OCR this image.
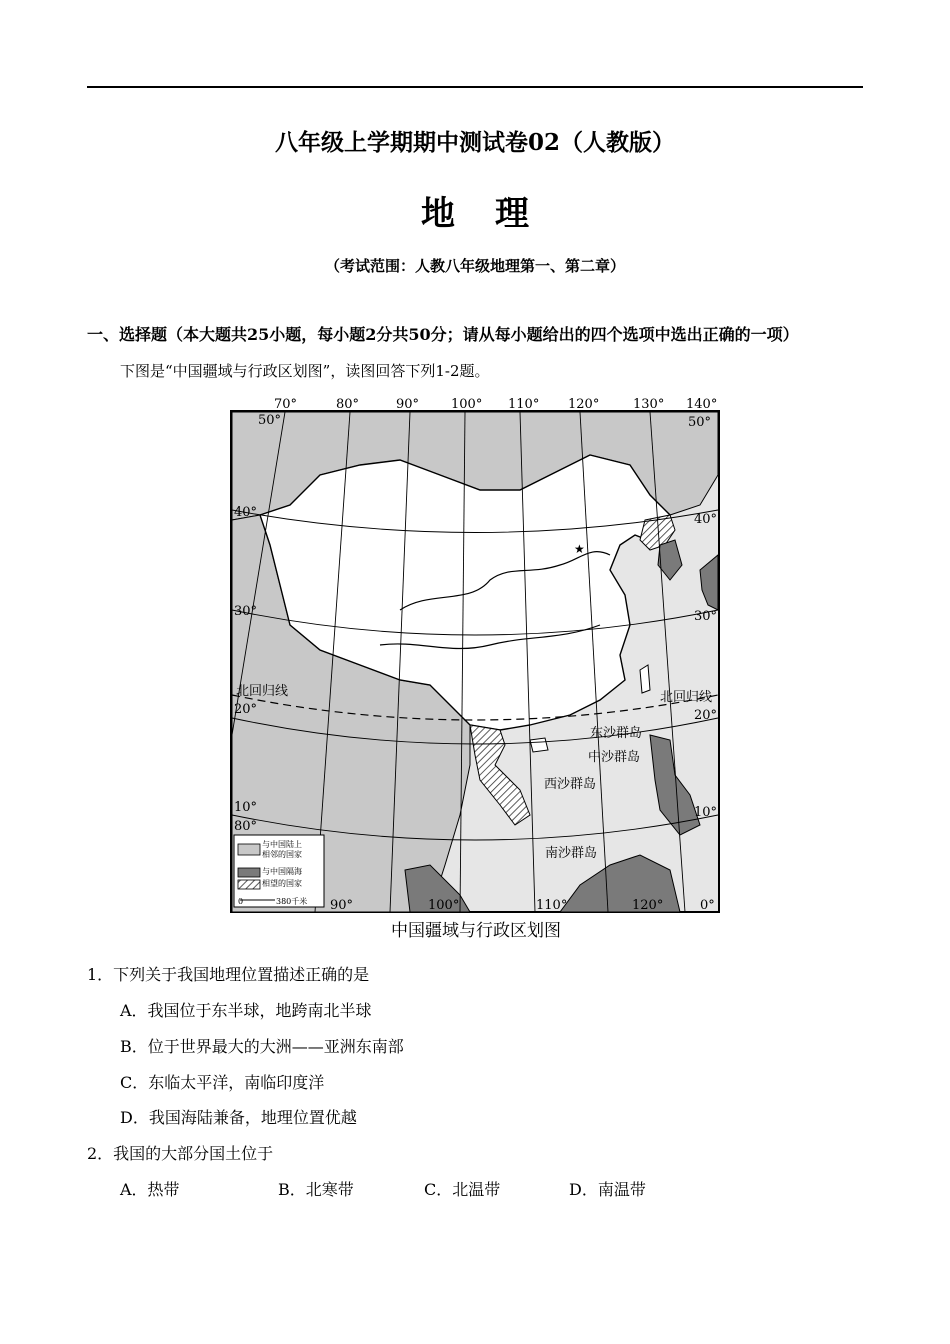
八年级上学期期中测试卷02（人教版）
地理
（考试范围：人教八年级地理第一、第二章）
一、选择题（本大题共25小题，每小题2分共50分；请从每小题给出的四个选项中选出正确的一项）
下图是“中国疆域与行政区划图”，读图回答下列1-2题。
★
70°	80°	90° 100° 110° 120°	130° 140°
50°
40°
30°
20°
10°
50°
40°
30°
20°
10°
80°
90°	100°	110°	120°	0°
北回归线	北回归线
东沙群岛
中沙群岛
西沙群岛
南沙群岛
与中国陆上
相邻的国家
与中国隔海
相望的国家
0	380千米
中国疆域与行政区划图
1．下列关于我国地理位置描述正确的是
A．我国位于东半球，地跨南北半球
B．位于世界最大的大洲——亚洲东南部
C．东临太平洋，南临印度洋
D．我国海陆兼备，地理位置优越
2．我国的大部分国土位于
A．热带	B．北寒带	C．北温带	D．南温带
